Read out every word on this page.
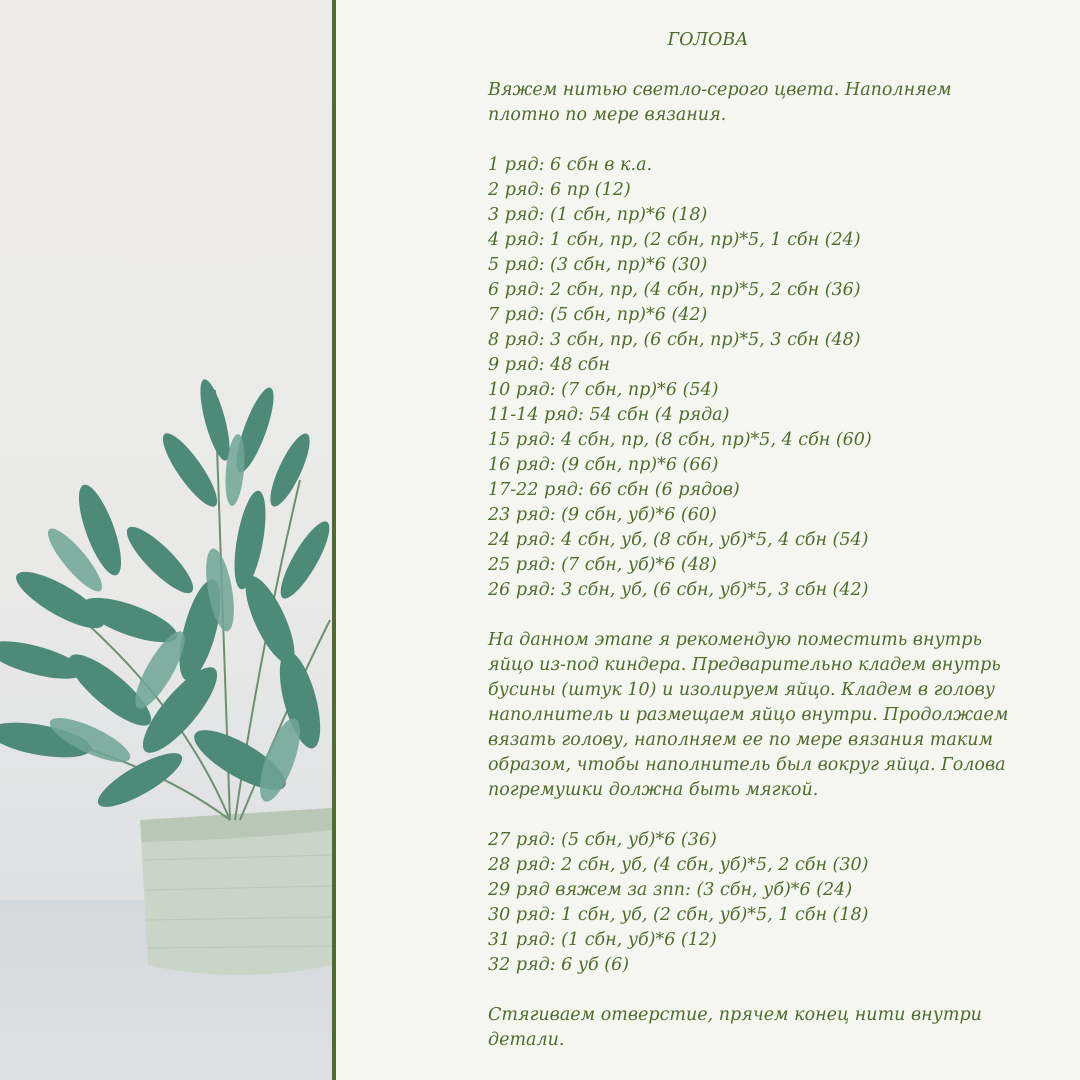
ГОЛОВА
Вяжем нитью светло-серого цвета. Наполняем
плотно по мере вязания.
1 ряд: 6 сбн в к.а.
2 ряд: 6 пр (12)
3 ряд: (1 сбн, пр)*6 (18)
4 ряд: 1 сбн, пр, (2 сбн, пр)*5, 1 сбн (24)
5 ряд: (3 сбн, пр)*6 (30)
6 ряд: 2 сбн, пр, (4 сбн, пр)*5, 2 сбн (36)
7 ряд: (5 сбн, пр)*6 (42)
8 ряд: 3 сбн, пр, (6 сбн, пр)*5, 3 сбн (48)
9 ряд: 48 сбн
10 ряд: (7 сбн, пр)*6 (54)
11-14 ряд: 54 сбн (4 ряда)
15 ряд: 4 сбн, пр, (8 сбн, пр)*5, 4 сбн (60)
16 ряд: (9 сбн, пр)*6 (66)
17-22 ряд: 66 сбн (6 рядов)
23 ряд: (9 сбн, уб)*6 (60)
24 ряд: 4 сбн, уб, (8 сбн, уб)*5, 4 сбн (54)
25 ряд: (7 сбн, уб)*6 (48)
26 ряд: 3 сбн, уб, (6 сбн, уб)*5, 3 сбн (42)
На данном этапе я рекомендую поместить внутрь
яйцо из-под киндера. Предварительно кладем внутрь
бусины (штук 10) и изолируем яйцо. Кладем в голову
наполнитель и размещаем яйцо внутри. Продолжаем
вязать голову, наполняем ее по мере вязания таким
образом, чтобы наполнитель был вокруг яйца. Голова
погремушки должна быть мягкой.
27 ряд: (5 сбн, уб)*6 (36)
28 ряд: 2 сбн, уб, (4 сбн, уб)*5, 2 сбн (30)
29 ряд вяжем за зпп: (3 сбн, уб)*6 (24)
30 ряд: 1 сбн, уб, (2 сбн, уб)*5, 1 сбн (18)
31 ряд: (1 сбн, уб)*6 (12)
32 ряд: 6 уб (6)
Стягиваем отверстие, прячем конец нити внутри
детали.
